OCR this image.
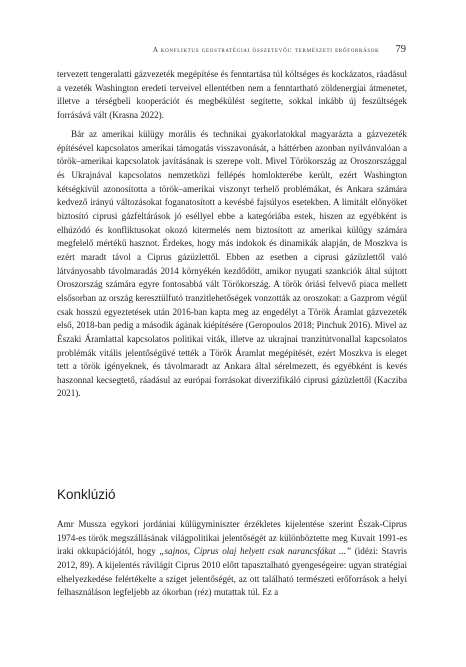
A konfliktus geostratégiai összetevői: természeti erőforrások 79

tervezett tengeralatti gázvezeték megépítése és fenntartása túl költséges és kockázatos, ráadásul a vezeték Washington eredeti terveivel ellentétben nem a fenntartható zöldenergiai átmenetet, illetve a térségbeli kooperációt és megbékülést segítette, sokkal inkább új feszültségek forrásává vált (Krasna 2022).

Bár az amerikai külügy morális és technikai gyakorlatokkal magyarázta a gázvezeték építésével kapcsolatos amerikai támogatás visszavonását, a háttérben azonban nyilvánvalóan a török–amerikai kapcsolatok javításának is szerepe volt. Mivel Törökország az Oroszországgal és Ukrajnával kapcsolatos nemzetközi fellépés homlokterébe került, ezért Washington kétségkívül azonosította a török–amerikai viszonyt terhelő problémákat, és Ankara számára kedvező irányú változásokat foganatosított a kevésbé fajsúlyos esetekben. A limitált előnyöket biztosító ciprusi gázfeltárások jó eséllyel ebbe a kategóriába estek, hiszen az egyébként is elhúzódó és konfliktusokat okozó kitermelés nem biztosított az amerikai külügy számára megfelelő mértékű hasznot. Érdekes, hogy más indokok és dinamikák alapján, de Moszkva is ezért maradt távol a Ciprus gázüzlettől. Ebben az esetben a ciprusi gázüzlettől való látványosabb távolmaradás 2014 környékén kezdődött, amikor nyugati szankciók által sújtott Oroszország számára egyre fontosabbá vált Törökország. A török óriási felvevő piaca mellett elsősorban az ország keresztülfutó tranzitlehetőségek vonzották az oroszokat: a Gazprom végül csak hosszú egyeztetések után 2016-ban kapta meg az engedélyt a Török Áramlat gázvezeték első, 2018-ban pedig a második ágának kiépítésére (Geropoulos 2018; Pinchuk 2016). Mivel az Északi Áramlattal kapcsolatos politikai viták, illetve az ukrajnai tranzitútvonallal kapcsolatos problémák vitális jelentőségűvé tették a Török Áramlat megépítését, ezért Moszkva is eleget tett a török igényeknek, és távolmaradt az Ankara által sérelmezett, és egyébként is kevés haszonnal kecsegtető, ráadásul az európai forrásokat diverzifikáló ciprusi gázüzlettől (Kacziba 2021).

Konklúzió

Amr Mussza egykori jordániai külügyminiszter érzékletes kijelentése szerint Észak-Ciprus 1974-es török megszállásának világpolitikai jelentőségét az különböztette meg Kuvait 1991-es iraki okkupációjától, hogy „sajnos, Ciprus olaj helyett csak narancsfákat ...” (idézi: Stavris 2012, 89). A kijelentés rávilágít Ciprus 2010 előtt tapasztalható gyengeségeire: ugyan stratégiai elhelyezkedése felértékelte a sziget jelentőségét, az ott található természeti erőforrások a helyi felhasználáson legfeljebb az ókorban (réz) mutattak túl. Ez a
